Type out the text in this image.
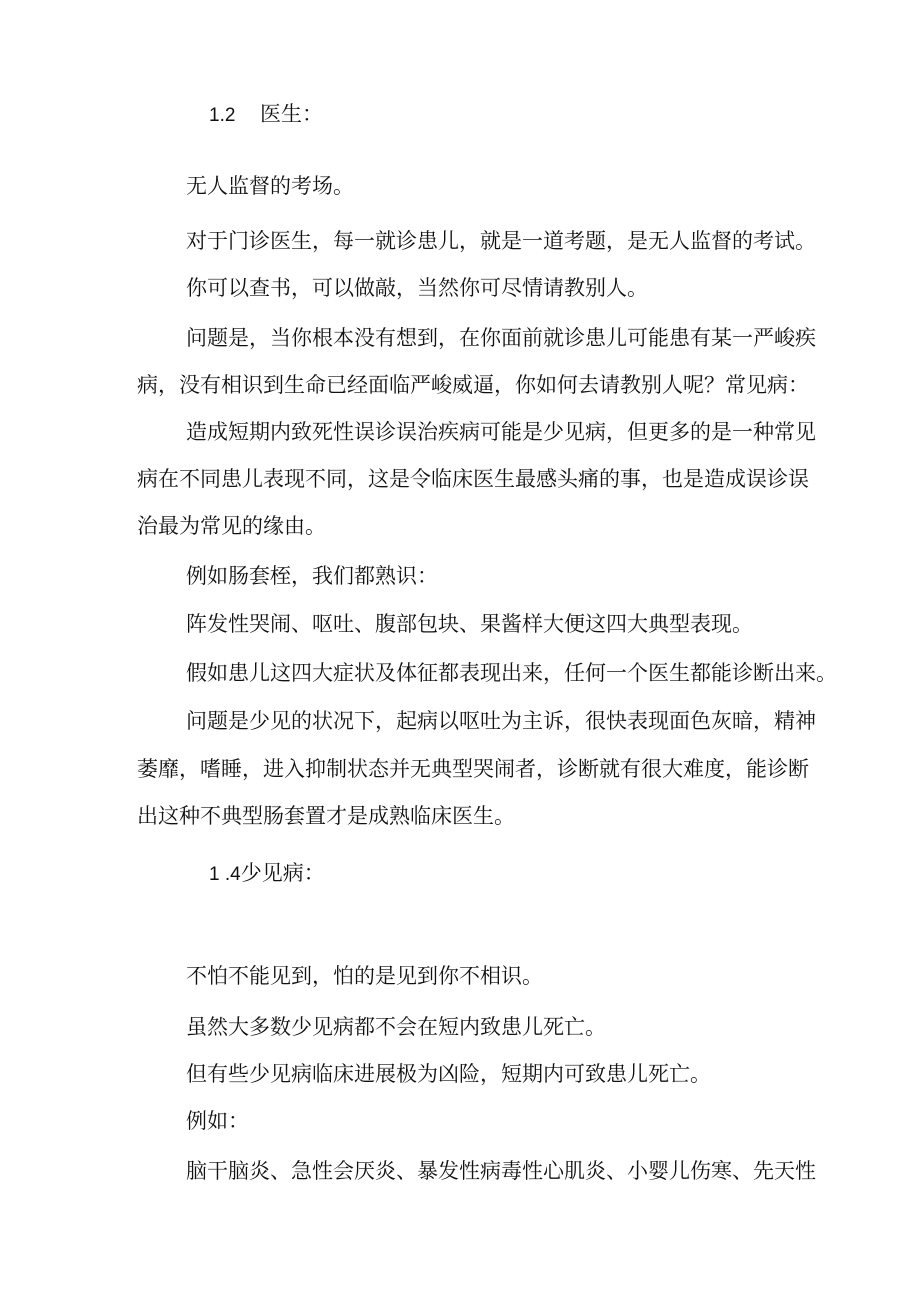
1.2 医生：
无人监督的考场。
对于门诊医生，每一就诊患儿，就是一道考题，是无人监督的考试。
你可以查书，可以做敲，当然你可尽情请教别人。
问题是，当你根本没有想到，在你面前就诊患儿可能患有某一严峻疾
病，没有相识到生命已经面临严峻威逼，你如何去请教别人呢？常见病：
造成短期内致死性误诊误治疾病可能是少见病，但更多的是一种常见
病在不同患儿表现不同，这是令临床医生最感头痛的事，也是造成误诊误
治最为常见的缘由。
例如肠套桎，我们都熟识：
阵发性哭闹、呕吐、腹部包块、果酱样大便这四大典型表现。
假如患儿这四大症状及体征都表现出来，任何一个医生都能诊断出来。
问题是少见的状况下，起病以呕吐为主诉，很快表现面色灰暗，精神
萎靡，嗜睡，进入抑制状态并无典型哭闹者，诊断就有很大难度，能诊断
出这种不典型肠套置才是成熟临床医生。
1 .4少见病：
不怕不能见到，怕的是见到你不相识。
虽然大多数少见病都不会在短内致患儿死亡。
但有些少见病临床进展极为凶险，短期内可致患儿死亡。
例如：
脑干脑炎、急性会厌炎、暴发性病毒性心肌炎、小婴儿伤寒、先天性
